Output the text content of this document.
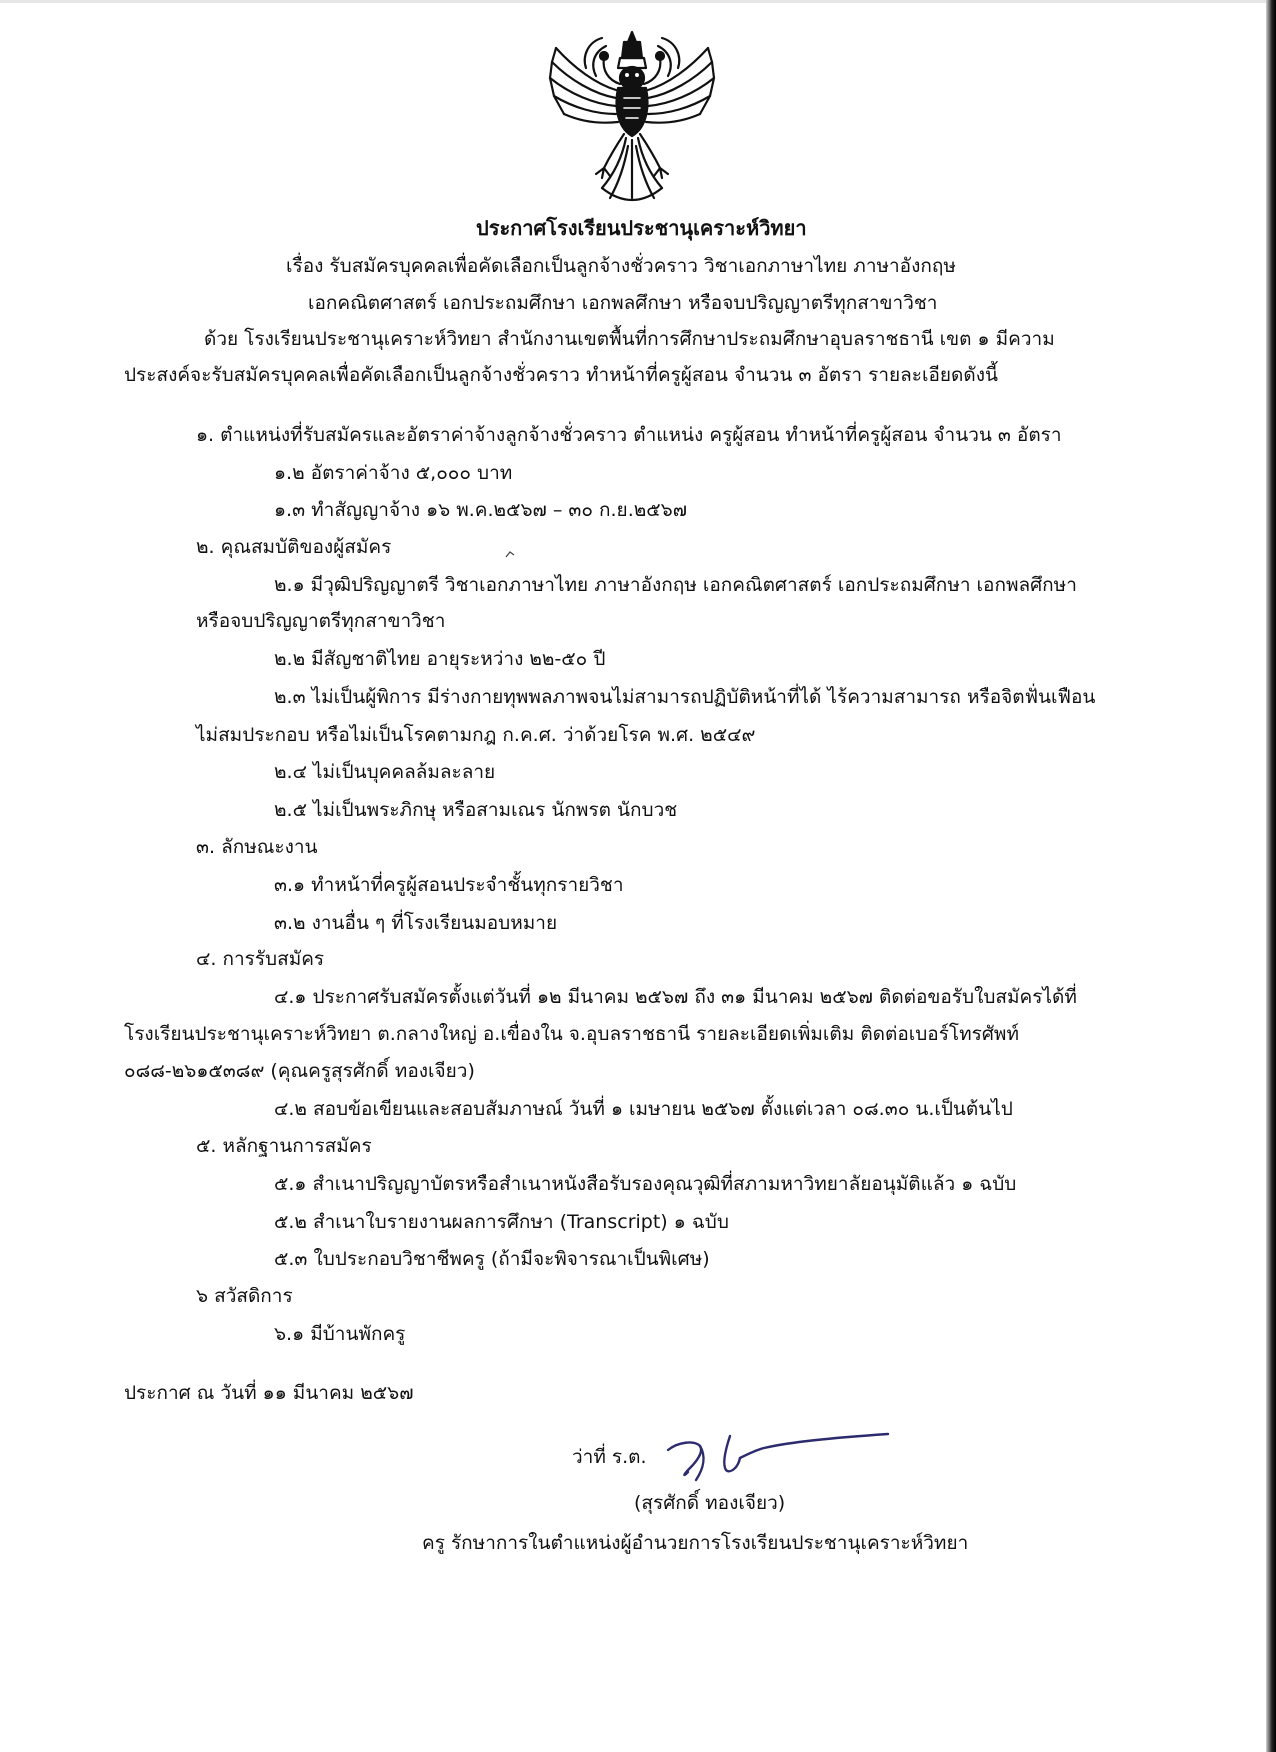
ประกาศโรงเรียนประชานุเคราะห์วิทยา
เรื่อง รับสมัครบุคคลเพื่อคัดเลือกเป็นลูกจ้างชั่วคราว วิชาเอกภาษาไทย ภาษาอังกฤษ
เอกคณิตศาสตร์ เอกประถมศึกษา เอกพลศึกษา หรือจบปริญญาตรีทุกสาขาวิชา
ด้วย โรงเรียนประชานุเคราะห์วิทยา สำนักงานเขตพื้นที่การศึกษาประถมศึกษาอุบลราชธานี เขต ๑ มีความ
ประสงค์จะรับสมัครบุคคลเพื่อคัดเลือกเป็นลูกจ้างชั่วคราว ทำหน้าที่ครูผู้สอน จำนวน ๓ อัตรา รายละเอียดดังนี้
๑. ตำแหน่งที่รับสมัครและอัตราค่าจ้างลูกจ้างชั่วคราว ตำแหน่ง ครูผู้สอน ทำหน้าที่ครูผู้สอน จำนวน ๓ อัตรา
๑.๒ อัตราค่าจ้าง ๕,๐๐๐ บาท
๑.๓ ทำสัญญาจ้าง ๑๖ พ.ค.๒๕๖๗ – ๓๐ ก.ย.๒๕๖๗
๒. คุณสมบัติของผู้สมัคร
๒.๑ มีวุฒิปริญญาตรี วิชาเอกภาษาไทย ภาษาอังกฤษ เอกคณิตศาสตร์ เอกประถมศึกษา เอกพลศึกษา
หรือจบปริญญาตรีทุกสาขาวิชา
๒.๒ มีสัญชาติไทย อายุระหว่าง ๒๒-๕๐ ปี
๒.๓ ไม่เป็นผู้พิการ มีร่างกายทุพพลภาพจนไม่สามารถปฏิบัติหน้าที่ได้ ไร้ความสามารถ หรือจิตฟั่นเฟือน
ไม่สมประกอบ หรือไม่เป็นโรคตามกฎ ก.ค.ศ. ว่าด้วยโรค พ.ศ. ๒๕๔๙
๒.๔ ไม่เป็นบุคคลล้มละลาย
๒.๕ ไม่เป็นพระภิกษุ หรือสามเณร นักพรต นักบวช
๓. ลักษณะงาน
๓.๑ ทำหน้าที่ครูผู้สอนประจำชั้นทุกรายวิชา
๓.๒ งานอื่น ๆ ที่โรงเรียนมอบหมาย
๔. การรับสมัคร
๔.๑ ประกาศรับสมัครตั้งแต่วันที่ ๑๒ มีนาคม ๒๕๖๗ ถึง ๓๑ มีนาคม ๒๕๖๗ ติดต่อขอรับใบสมัครได้ที่
โรงเรียนประชานุเคราะห์วิทยา ต.กลางใหญ่ อ.เขื่องใน จ.อุบลราชธานี รายละเอียดเพิ่มเติม ติดต่อเบอร์โทรศัพท์
๐๘๘-๒๖๑๕๓๘๙ (คุณครูสุรศักดิ์ ทองเจียว)
๔.๒ สอบข้อเขียนและสอบสัมภาษณ์ วันที่ ๑ เมษายน ๒๕๖๗ ตั้งแต่เวลา ๐๘.๓๐ น.เป็นต้นไป
๕. หลักฐานการสมัคร
๕.๑ สำเนาปริญญาบัตรหรือสำเนาหนังสือรับรองคุณวุฒิที่สภามหาวิทยาลัยอนุมัติแล้ว ๑ ฉบับ
๕.๒ สำเนาใบรายงานผลการศึกษา (Transcript) ๑ ฉบับ
๕.๓ ใบประกอบวิชาชีพครู (ถ้ามีจะพิจารณาเป็นพิเศษ)
๖ สวัสดิการ
๖.๑ มีบ้านพักครู
ประกาศ ณ วันที่ ๑๑ มีนาคม ๒๕๖๗
ว่าที่ ร.ต.
(สุรศักดิ์ ทองเจียว)
ครู รักษาการในตำแหน่งผู้อำนวยการโรงเรียนประชานุเคราะห์วิทยา
